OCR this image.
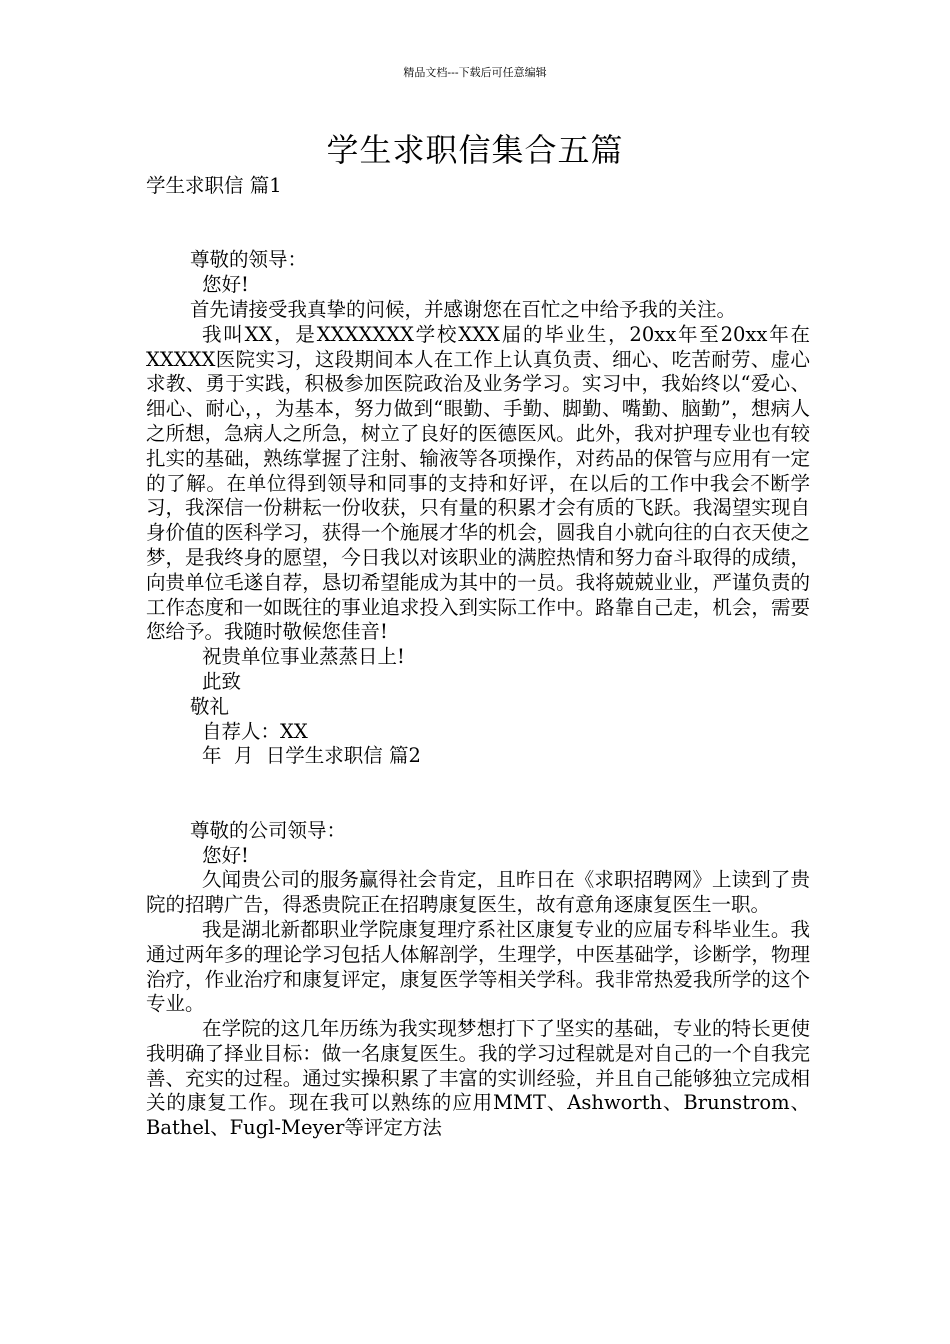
精品文档---下载后可任意编辑
学生求职信集合五篇

学生求职信 篇1

尊敬的领导：

您好!

首先请接受我真挚的问候，并感谢您在百忙之中给予我的关注。

我叫XX，是XXXXXXX学校XXX届的毕业生，20xx年至20xx年在XXXXX医院实习，这段期间本人在工作上认真负责、细心、吃苦耐劳、虚心求教、勇于实践，积极参加医院政治及业务学习。实习中，我始终以“爱心、细心、耐心，，为基本，努力做到“眼勤、手勤、脚勤、嘴勤、脑勤”，想病人之所想，急病人之所急，树立了良好的医德医风。此外，我对护理专业也有较扎实的基础，熟练掌握了注射、输液等各项操作，对药品的保管与应用有一定的了解。在单位得到领导和同事的支持和好评，在以后的工作中我会不断学习，我深信一份耕耘一份收获，只有量的积累才会有质的飞跃。我渴望实现自身价值的医科学习，获得一个施展才华的机会，圆我自小就向往的白衣天使之梦，是我终身的愿望，今日我以对该职业的满腔热情和努力奋斗取得的成绩，向贵单位毛遂自荐，恳切希望能成为其中的一员。我将兢兢业业，严谨负责的工作态度和一如既往的事业追求投入到实际工作中。路靠自己走，机会，需要您给予。我随时敬候您佳音!

祝贵单位事业蒸蒸日上!

此致

敬礼

自荐人：XX

年  月  日学生求职信 篇2

尊敬的公司领导：

您好!

久闻贵公司的服务赢得社会肯定，且昨日在《求职招聘网》上读到了贵院的招聘广告，得悉贵院正在招聘康复医生，故有意角逐康复医生一职。

我是湖北新都职业学院康复理疗系社区康复专业的应届专科毕业生。我通过两年多的理论学习包括人体解剖学，生理学，中医基础学，诊断学，物理治疗，作业治疗和康复评定，康复医学等相关学科。我非常热爱我所学的这个专业。

在学院的这几年历练为我实现梦想打下了坚实的基础，专业的特长更使我明确了择业目标：做一名康复医生。我的学习过程就是对自己的一个自我完善、充实的过程。通过实操积累了丰富的实训经验，并且自己能够独立完成相关的康复工作。现在我可以熟练的应用MMT、Ashworth、Brunstrom、Bathel、Fugl-Meyer等评定方法
